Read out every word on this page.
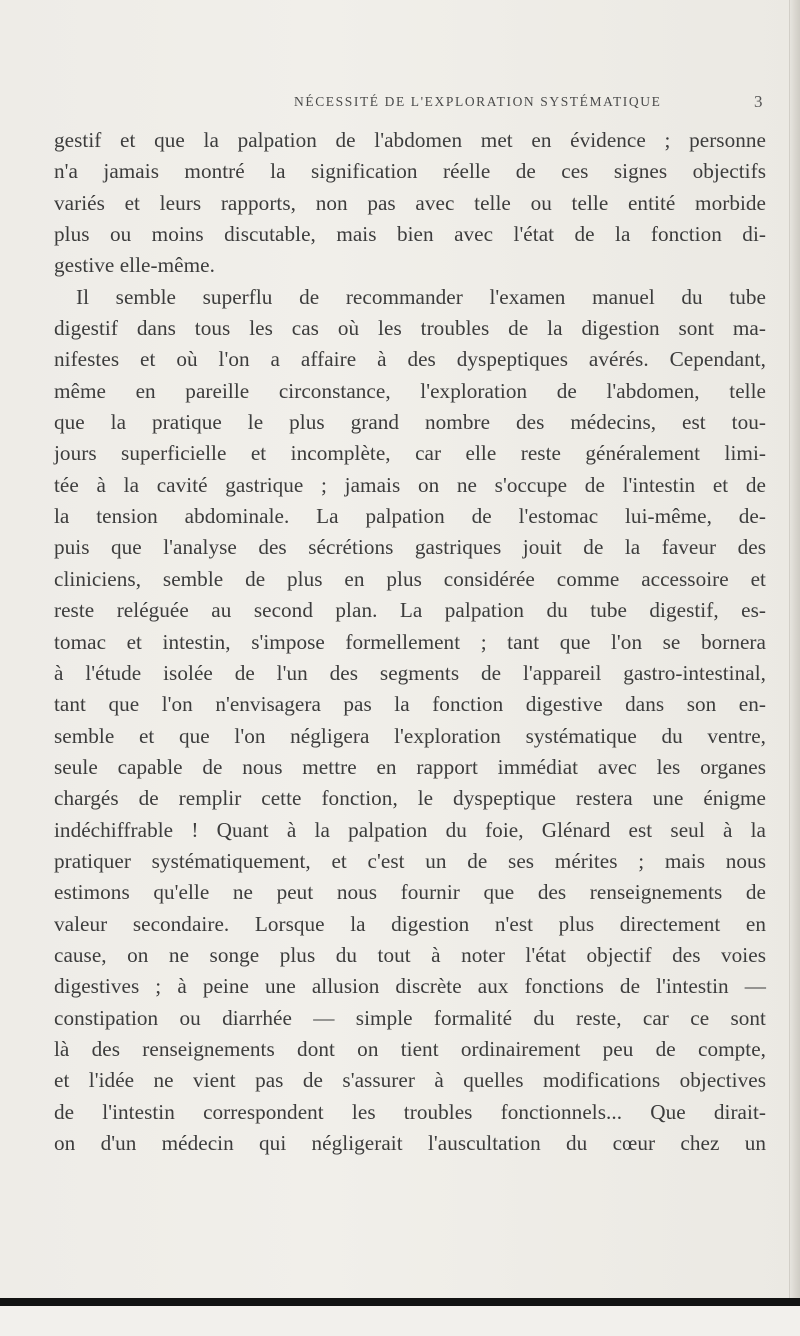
NÉCESSITÉ DE L'EXPLORATION SYSTÉMATIQUE	3
gestif et que la palpation de l'abdomen met en évidence ; personne
n'a jamais montré la signification réelle de ces signes objectifs
variés et leurs rapports, non pas avec telle ou telle entité morbide
plus ou moins discutable, mais bien avec l'état de la fonction di-
gestive elle-même.
Il semble superflu de recommander l'examen manuel du tube
digestif dans tous les cas où les troubles de la digestion sont ma-
nifestes et où l'on a affaire à des dyspeptiques avérés. Cependant,
même en pareille circonstance, l'exploration de l'abdomen, telle
que la pratique le plus grand nombre des médecins, est tou-
jours superficielle et incomplète, car elle reste généralement limi-
tée à la cavité gastrique ; jamais on ne s'occupe de l'intestin et de
la tension abdominale. La palpation de l'estomac lui-même, de-
puis que l'analyse des sécrétions gastriques jouit de la faveur des
cliniciens, semble de plus en plus considérée comme accessoire et
reste reléguée au second plan. La palpation du tube digestif, es-
tomac et intestin, s'impose formellement ; tant que l'on se bornera
à l'étude isolée de l'un des segments de l'appareil gastro-intestinal,
tant que l'on n'envisagera pas la fonction digestive dans son en-
semble et que l'on négligera l'exploration systématique du ventre,
seule capable de nous mettre en rapport immédiat avec les organes
chargés de remplir cette fonction, le dyspeptique restera une énigme
indéchiffrable ! Quant à la palpation du foie, Glénard est seul à la
pratiquer systématiquement, et c'est un de ses mérites ; mais nous
estimons qu'elle ne peut nous fournir que des renseignements de
valeur secondaire. Lorsque la digestion n'est plus directement en
cause, on ne songe plus du tout à noter l'état objectif des voies
digestives ; à peine une allusion discrète aux fonctions de l'intestin —
constipation ou diarrhée — simple formalité du reste, car ce sont
là des renseignements dont on tient ordinairement peu de compte,
et l'idée ne vient pas de s'assurer à quelles modifications objectives
de l'intestin correspondent les troubles fonctionnels... Que dirait-
on d'un médecin qui négligerait l'auscultation du cœur chez un
